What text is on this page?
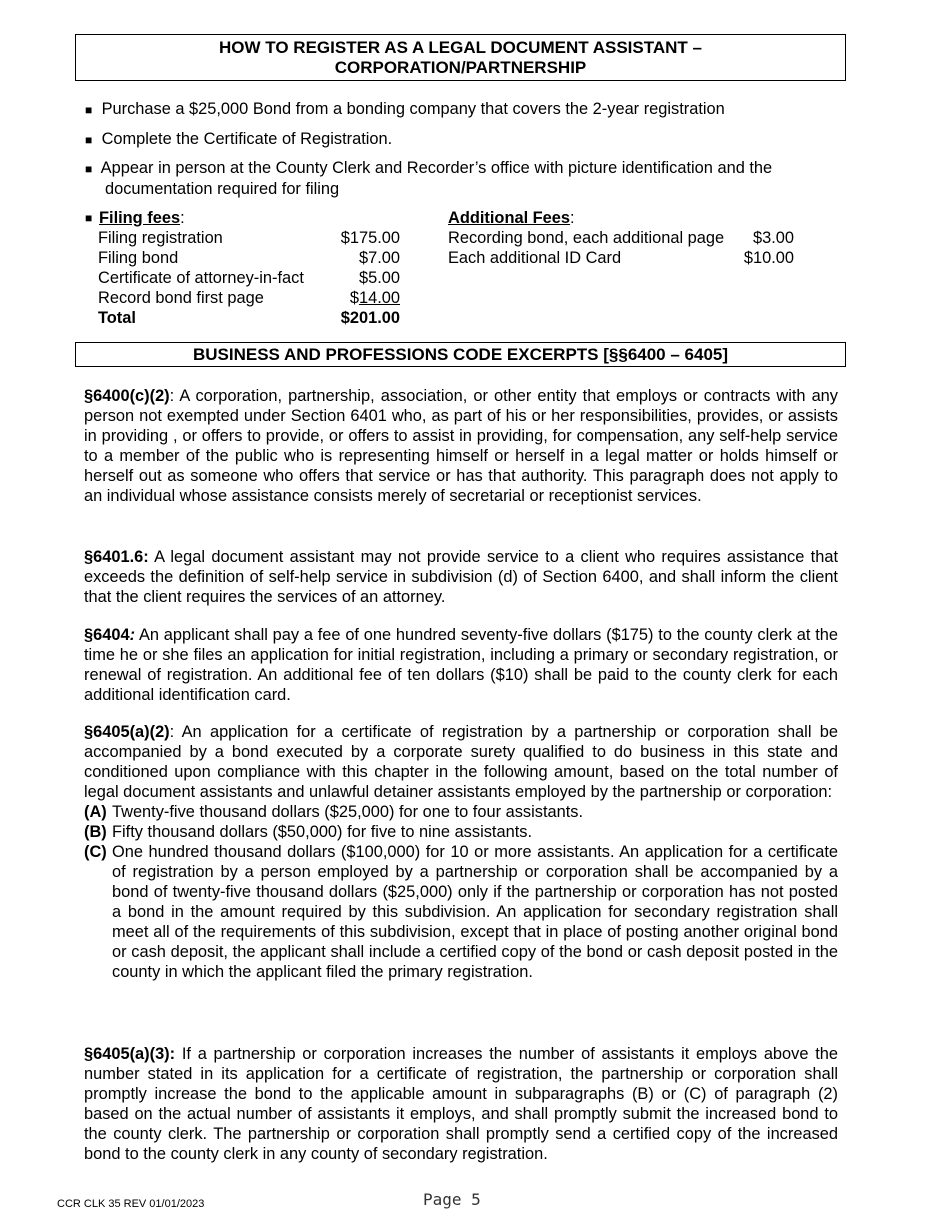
HOW TO REGISTER AS A LEGAL DOCUMENT ASSISTANT –
CORPORATION/PARTNERSHIP
■ Purchase a $25,000 Bond from a bonding company that covers the 2-year registration
■ Complete the Certificate of Registration.
■ Appear in person at the County Clerk and Recorder’s office with picture identification and the
documentation required for filing
■ Filing fees :
Filing registration	$175.00
Filing bond	$7.00
Certificate of attorney-in-fact	$5.00
Record bond first page	$ 14.00
Total	$201.00
Additional Fees :
Recording bond, each additional page	$3.00
Each additional ID Card	$10.00
BUSINESS AND PROFESSIONS CODE EXCERPTS [§§6400 – 6405]
§6400(c)(2): A corporation, partnership, association, or other entity that employs or contracts with any person not exempted under Section 6401 who, as part of his or her responsibilities, provides, or assists in providing , or offers to provide, or offers to assist in providing, for compensation, any self-help service to a member of the public who is representing himself or herself in a legal matter or holds himself or herself out as someone who offers that service or has that authority. This paragraph does not apply to an individual whose assistance consists merely of secretarial or receptionist services.
§6401.6: A legal document assistant may not provide service to a client who requires assistance that exceeds the definition of self-help service in subdivision (d) of Section 6400, and shall inform the client that the client requires the services of an attorney.
§6404: An applicant shall pay a fee of one hundred seventy-five dollars ($175) to the county clerk at the time he or she files an application for initial registration, including a primary or secondary registration, or renewal of registration. An additional fee of ten dollars ($10) shall be paid to the county clerk for each additional identification card.
§6405(a)(2): An application for a certificate of registration by a partnership or corporation shall be accompanied by a bond executed by a corporate surety qualified to do business in this state and conditioned upon compliance with this chapter in the following amount, based on the total number of legal document assistants and unlawful detainer assistants employed by the partnership or corporation:
(A) Twenty-five thousand dollars ($25,000) for one to four assistants.
(B) Fifty thousand dollars ($50,000) for five to nine assistants.
(C) One hundred thousand dollars ($100,000) for 10 or more assistants. An application for a certificate of registration by a person employed by a partnership or corporation shall be accompanied by a bond of twenty-five thousand dollars ($25,000) only if the partnership or corporation has not posted a bond in the amount required by this subdivision. An application for secondary registration shall meet all of the requirements of this subdivision, except that in place of posting another original bond or cash deposit, the applicant shall include a certified copy of the bond or cash deposit posted in the county in which the applicant filed the primary registration.
§6405(a)(3): If a partnership or corporation increases the number of assistants it employs above the number stated in its application for a certificate of registration, the partnership or corporation shall promptly increase the bond to the applicable amount in subparagraphs (B) or (C) of paragraph (2) based on the actual number of assistants it employs, and shall promptly submit the increased bond to the county clerk. The partnership or corporation shall promptly send a certified copy of the increased bond to the county clerk in any county of secondary registration.
CCR CLK 35 REV 01/01/2023	Page 5
